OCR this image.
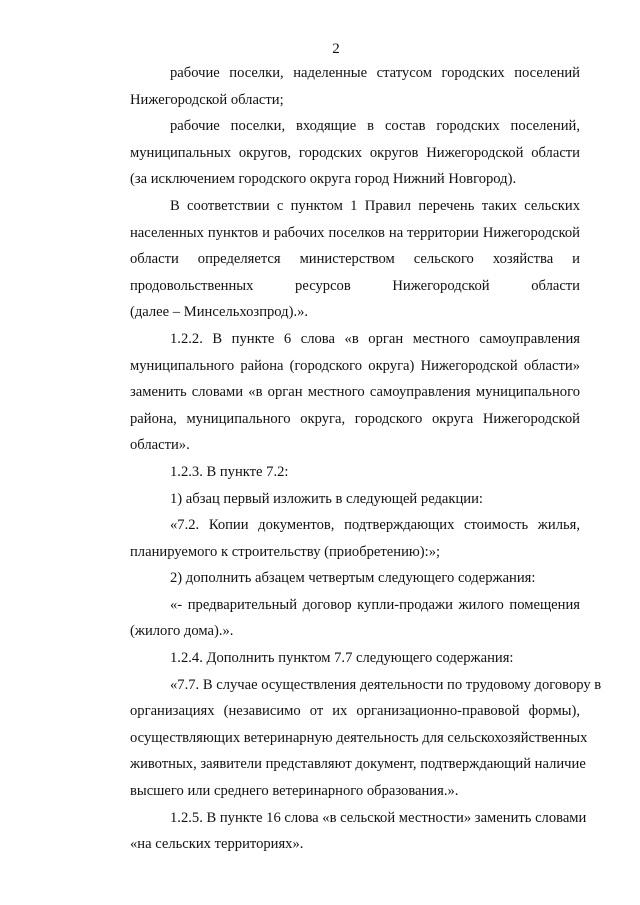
2
рабочие поселки, наделенные статусом городских поселений
Нижегородской области;
рабочие поселки, входящие в состав городских поселений,
муниципальных округов, городских округов Нижегородской области
(за исключением городского округа город Нижний Новгород).
В соответствии с пунктом 1 Правил перечень таких сельских
населенных пунктов и рабочих поселков на территории Нижегородской
области определяется министерством сельского хозяйства и
продовольственных ресурсов Нижегородской области
(далее – Минсельхозпрод).».
1.2.2. В пункте 6 слова «в орган местного самоуправления
муниципального района (городского округа) Нижегородской области»
заменить словами «в орган местного самоуправления муниципального
района, муниципального округа, городского округа Нижегородской
области».
1.2.3. В пункте 7.2:
1) абзац первый изложить в следующей редакции:
«7.2. Копии документов, подтверждающих стоимость жилья,
планируемого к строительству (приобретению):»;
2) дополнить абзацем четвертым следующего содержания:
«- предварительный договор купли-продажи жилого помещения
(жилого дома).».
1.2.4. Дополнить пунктом 7.7 следующего содержания:
«7.7. В случае осуществления деятельности по трудовому договору в
организациях (независимо от их организационно-правовой формы),
осуществляющих ветеринарную деятельность для сельскохозяйственных
животных, заявители представляют документ, подтверждающий наличие
высшего или среднего ветеринарного образования.».
1.2.5. В пункте 16 слова «в сельской местности» заменить словами
«на сельских территориях».
